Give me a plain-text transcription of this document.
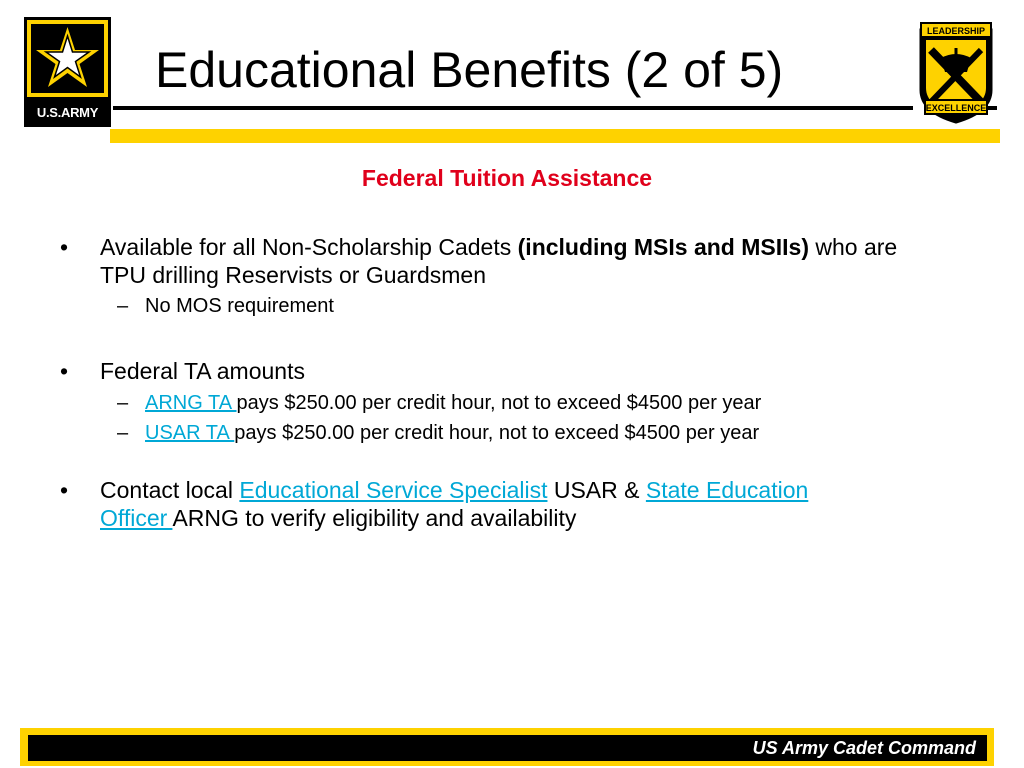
U.S.ARMY
Educational Benefits (2 of 5)
LEADERSHIP
EXCELLENCE
Federal Tuition Assistance
• Available for all Non-Scholarship Cadets (including MSIs and MSIIs) who are TPU drilling Reservists or Guardsmen
– No MOS requirement
• Federal TA amounts
– ARNG TA pays $250.00 per credit hour, not to exceed $4500 per year
– USAR TA pays $250.00 per credit hour, not to exceed $4500 per year
• Contact local Educational Service Specialist USAR & State Education Officer ARNG to verify eligibility and availability
US Army Cadet Command
